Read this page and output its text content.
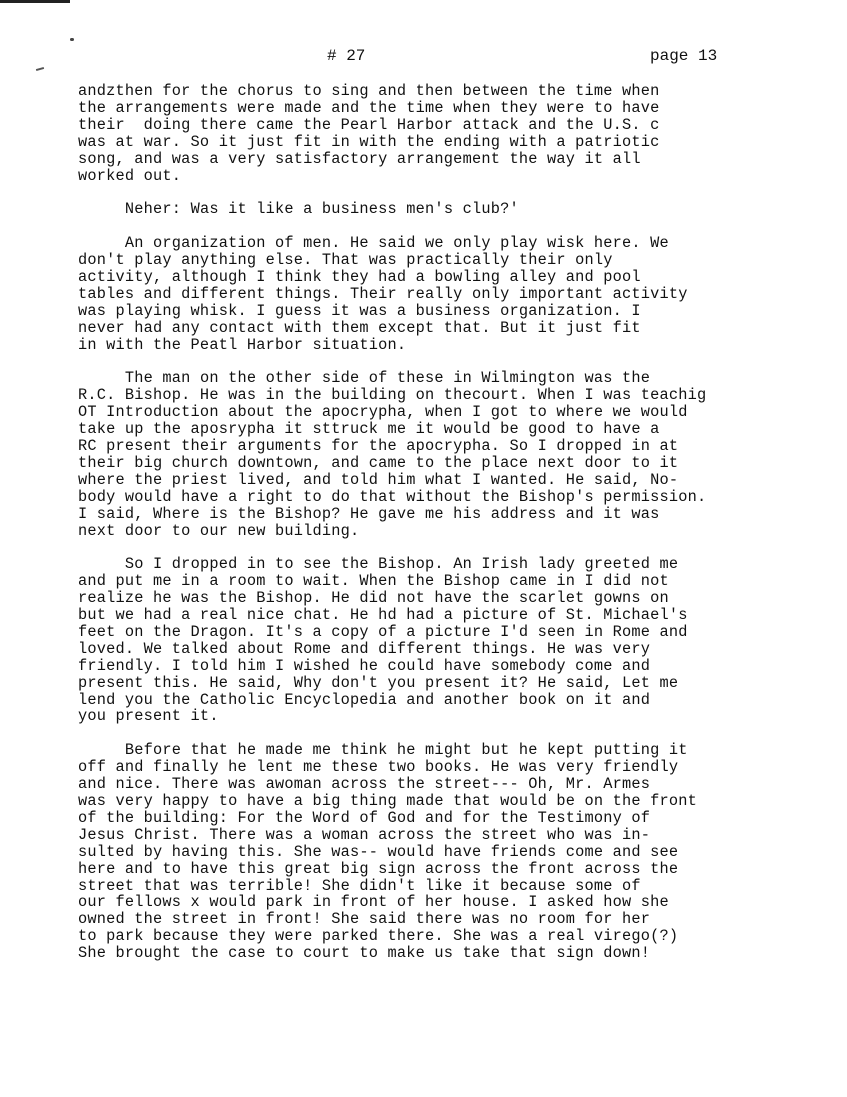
# 27	page 13

andzthen for the chorus to sing and then between the time when
the arrangements were made and the time when they were to have
their  doing there came the Pearl Harbor attack and the U.S. c
was at war. So it just fit in with the ending with a patriotic
song, and was a very satisfactory arrangement the way it all
worked out.

Neher: Was it like a business men's club?'

An organization of men. He said we only play wisk here. We
don't play anything else. That was practically their only
activity, although I think they had a bowling alley and pool
tables and different things. Their really only important activity
was playing whisk. I guess it was a business organization. I
never had any contact with them except that. But it just fit
in with the Peatl Harbor situation.

The man on the other side of these in Wilmington was the
R.C. Bishop. He was in the building on thecourt. When I was teachig
OT Introduction about the apocrypha, when I got to where we would
take up the aposrypha it sttruck me it would be good to have a
RC present their arguments for the apocrypha. So I dropped in at
their big church downtown, and came to the place next door to it
where the priest lived, and told him what I wanted. He said, No-
body would have a right to do that without the Bishop's permission.
I said, Where is the Bishop? He gave me his address and it was
next door to our new building.

So I dropped in to see the Bishop. An Irish lady greeted me
and put me in a room to wait. When the Bishop came in I did not
realize he was the Bishop. He did not have the scarlet gowns on
but we had a real nice chat. He hd had a picture of St. Michael's
feet on the Dragon. It's a copy of a picture I'd seen in Rome and
loved. We talked about Rome and different things. He was very
friendly. I told him I wished he could have somebody come and
present this. He said, Why don't you present it? He said, Let me
lend you the Catholic Encyclopedia and another book on it and
you present it.

Before that he made me think he might but he kept putting it
off and finally he lent me these two books. He was very friendly
and nice. There was awoman across the street--- Oh, Mr. Armes
was very happy to have a big thing made that would be on the front
of the building: For the Word of God and for the Testimony of
Jesus Christ. There was a woman across the street who was in-
sulted by having this. She was-- would have friends come and see
here and to have this great big sign across the front across the
street that was terrible! She didn't like it because some of
our fellows x would park in front of her house. I asked how she
owned the street in front! She said there was no room for her
to park because they were parked there. She was a real virego(?)
She brought the case to court to make us take that sign down!
